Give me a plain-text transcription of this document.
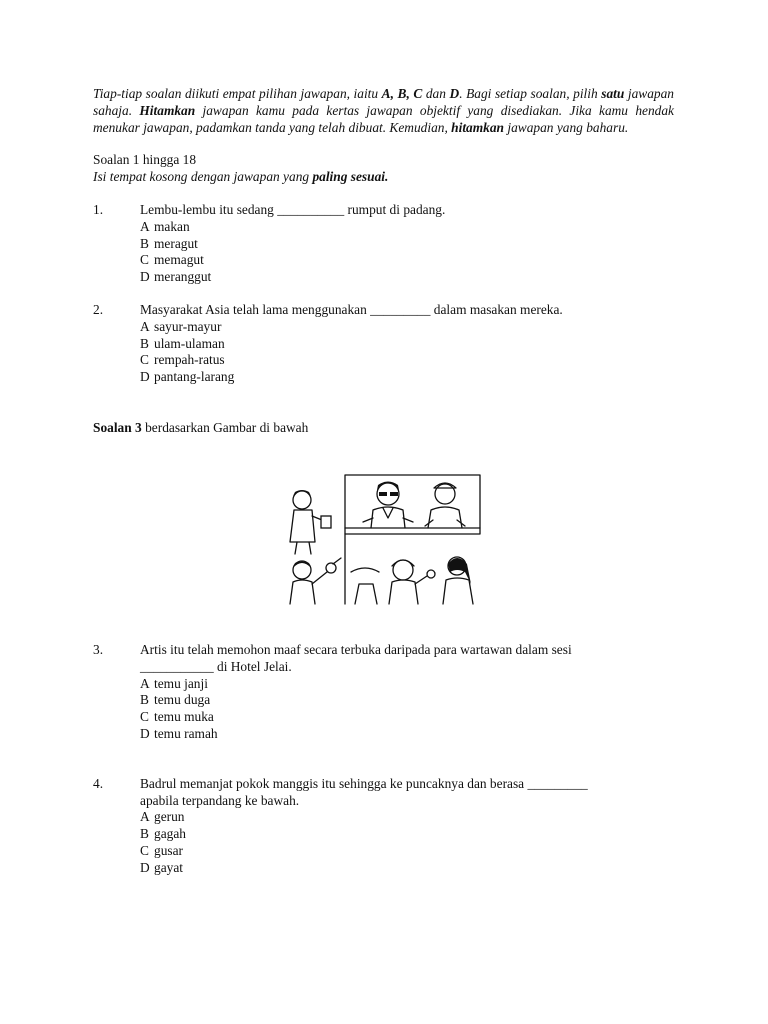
Tiap-tiap soalan diikuti empat pilihan jawapan, iaitu A, B, C dan D. Bagi setiap soalan, pilih satu jawapan sahaja. Hitamkan jawapan kamu pada kertas jawapan objektif yang disediakan. Jika kamu hendak menukar jawapan, padamkan tanda yang telah dibuat. Kemudian, hitamkan jawapan yang baharu.

Soalan 1 hingga 18

Isi tempat kosong dengan jawapan yang paling sesuai.

1.	Lembu-lembu itu sedang __________ rumput di padang.

A makan

B meragut

C memagut

D meranggut

2.	Masyarakat Asia telah lama menggunakan _________ dalam masakan mereka.

A sayur-mayur

B ulam-ulaman

C rempah-ratus

D pantang-larang

Soalan 3 berdasarkan Gambar di bawah

3.	Artis itu telah memohon maaf secara terbuka daripada para wartawan dalam sesi

___________ di Hotel Jelai.

A temu janji

B temu duga

C temu muka

D temu ramah

4.	Badrul memanjat pokok manggis itu sehingga ke puncaknya dan berasa _________

apabila terpandang ke bawah.

A gerun

B gagah

C gusar

D gayat
